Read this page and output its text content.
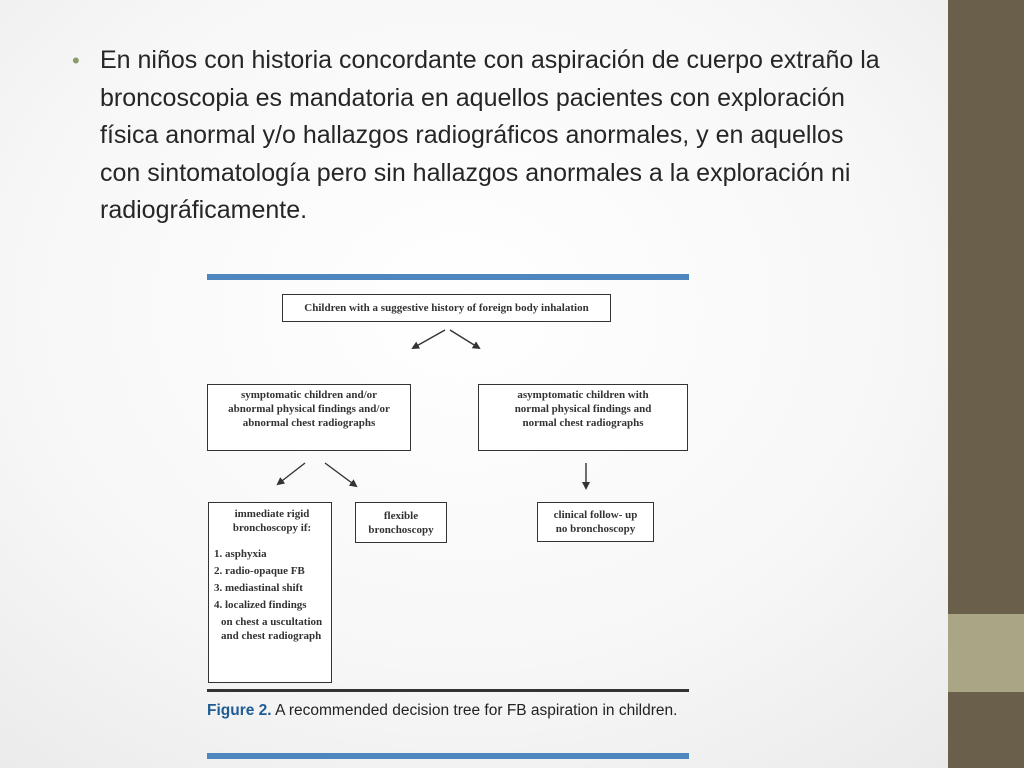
• En niños con historia concordante con aspiración de cuerpo extraño la broncoscopia es mandatoria en aquellos pacientes con exploración física anormal y/o hallazgos radiográficos anormales, y en aquellos con sintomatología pero sin hallazgos anormales a la exploración ni radiográficamente.
Children with a suggestive history of foreign body inhalation
symptomatic children and/or
abnormal physical findings and/or
abnormal chest radiographs
asymptomatic children with
normal physical findings and
normal chest radiographs
immediate rigid
bronchoscopy if:
1. asphyxia
2. radio-opaque FB
3. mediastinal shift
4. localized findings
on chest a uscultation
and chest radiograph
flexible
bronchoscopy
clinical follow- up
no bronchoscopy
Figure 2. A recommended decision tree for FB aspiration in children.
